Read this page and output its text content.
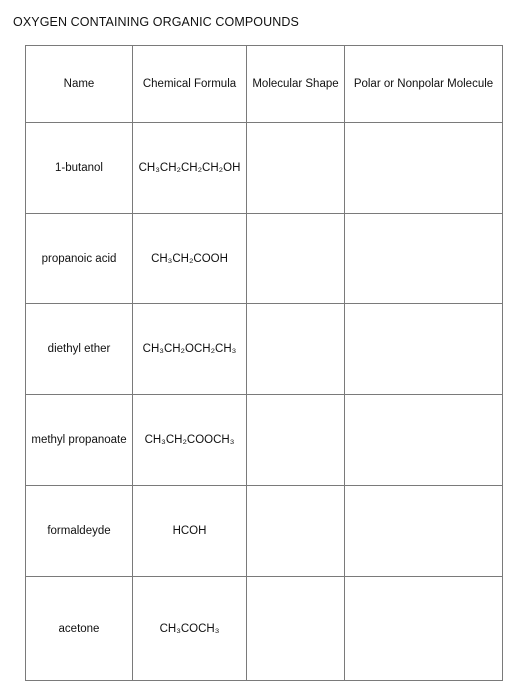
OXYGEN CONTAINING ORGANIC COMPOUNDS
Name	Chemical Formula	Molecular Shape	Polar or Nonpolar Molecule
1-butanol	CH₃CH₂CH₂CH₂OH		
propanoic acid	CH₃CH₂COOH		
diethyl ether	CH₃CH₂OCH₂CH₃		
methyl propanoate	CH₃CH₂COOCH₃		
formaldeyde	HCOH		
acetone	CH₃COCH₃		
